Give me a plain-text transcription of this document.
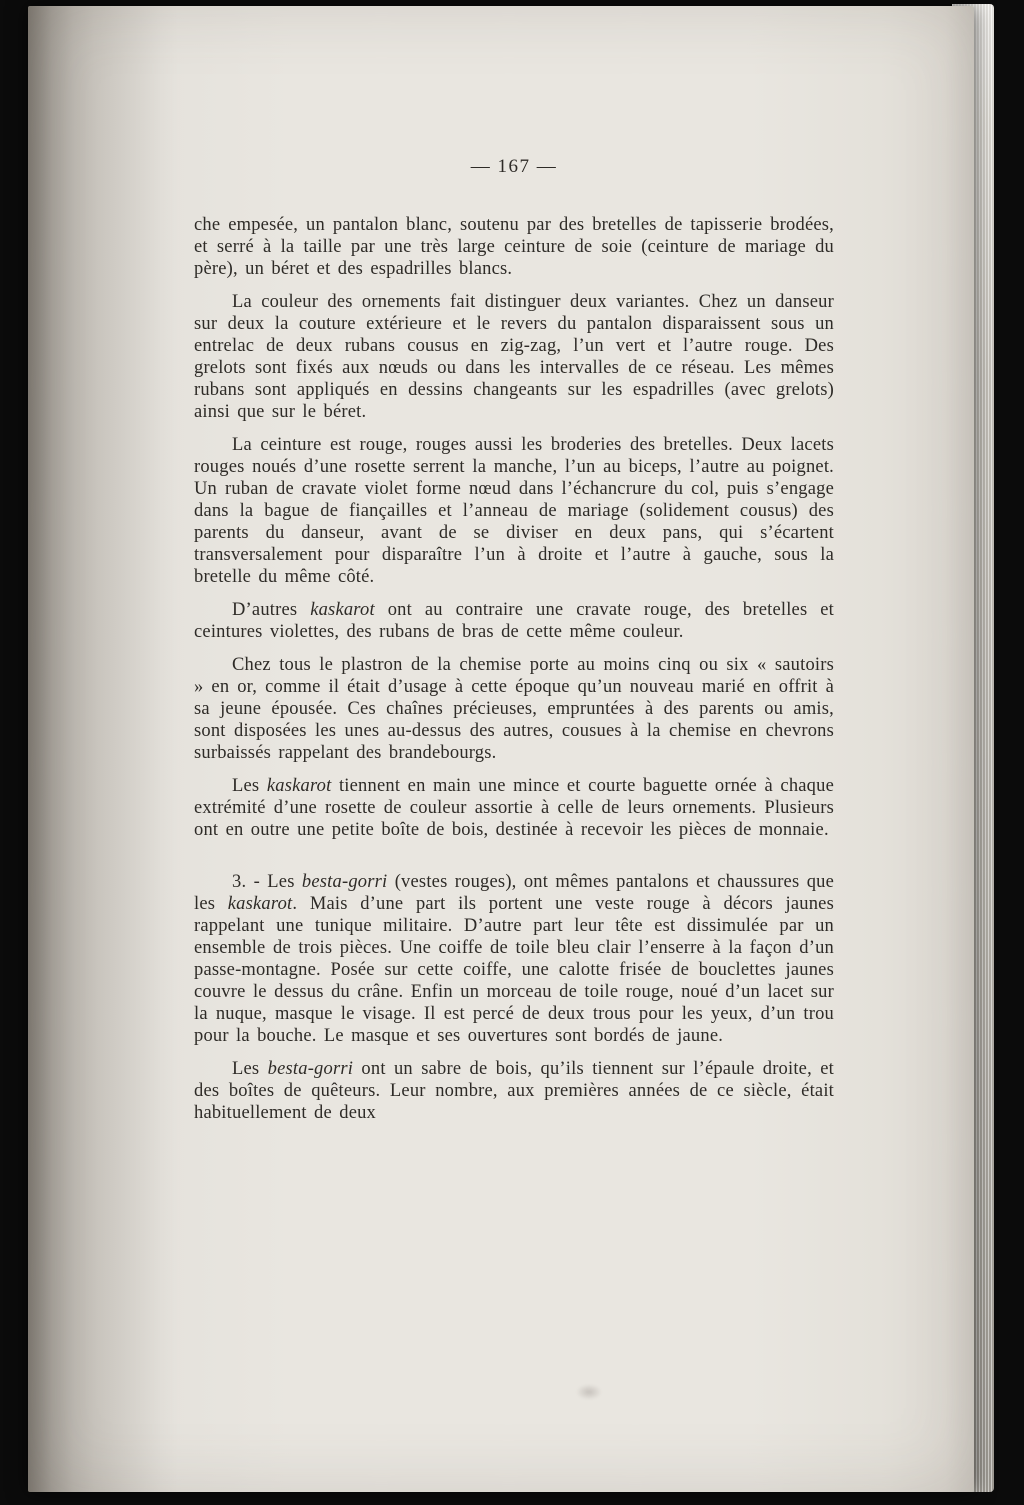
— 167 —

che empesée, un pantalon blanc, soutenu par des bretelles de tapisserie brodées, et serré à la taille par une très large ceinture de soie (ceinture de mariage du père), un béret et des espadrilles blancs.

La couleur des ornements fait distinguer deux variantes. Chez un danseur sur deux la couture extérieure et le revers du pantalon disparaissent sous un entrelac de deux rubans cousus en zig-zag, l’un vert et l’autre rouge. Des grelots sont fixés aux nœuds ou dans les intervalles de ce réseau. Les mêmes rubans sont appliqués en dessins changeants sur les espadrilles (avec grelots) ainsi que sur le béret.

La ceinture est rouge, rouges aussi les broderies des bretelles. Deux lacets rouges noués d’une rosette serrent la manche, l’un au biceps, l’autre au poignet. Un ruban de cravate violet forme nœud dans l’échancrure du col, puis s’engage dans la bague de fiançailles et l’anneau de mariage (solidement cousus) des parents du danseur, avant de se diviser en deux pans, qui s’écartent transversalement pour disparaître l’un à droite et l’autre à gauche, sous la bretelle du même côté.

D’autres kaskarot ont au contraire une cravate rouge, des bretelles et ceintures violettes, des rubans de bras de cette même couleur.

Chez tous le plastron de la chemise porte au moins cinq ou six « sautoirs » en or, comme il était d’usage à cette époque qu’un nouveau marié en offrit à sa jeune épousée. Ces chaînes précieuses, empruntées à des parents ou amis, sont disposées les unes au-dessus des autres, cousues à la chemise en chevrons surbaissés rappelant des brandebourgs.

Les kaskarot tiennent en main une mince et courte baguette ornée à chaque extrémité d’une rosette de couleur assortie à celle de leurs ornements. Plusieurs ont en outre une petite boîte de bois, destinée à recevoir les pièces de monnaie.

3. - Les besta-gorri (vestes rouges), ont mêmes pantalons et chaussures que les kaskarot. Mais d’une part ils portent une veste rouge à décors jaunes rappelant une tunique militaire. D’autre part leur tête est dissimulée par un ensemble de trois pièces. Une coiffe de toile bleu clair l’enserre à la façon d’un passe-montagne. Posée sur cette coiffe, une calotte frisée de bouclettes jaunes couvre le dessus du crâne. Enfin un morceau de toile rouge, noué d’un lacet sur la nuque, masque le visage. Il est percé de deux trous pour les yeux, d’un trou pour la bouche. Le masque et ses ouvertures sont bordés de jaune.

Les besta-gorri ont un sabre de bois, qu’ils tiennent sur l’épaule droite, et des boîtes de quêteurs. Leur nombre, aux premières années de ce siècle, était habituellement de deux
